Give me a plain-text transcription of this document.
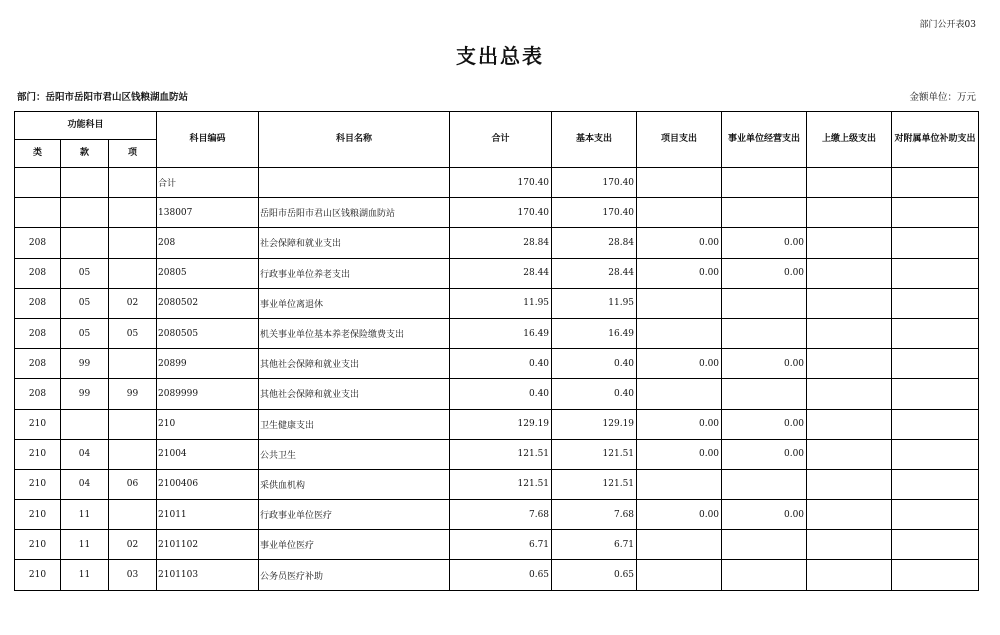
部门公开表03
支出总表
部门：岳阳市岳阳市君山区钱粮湖血防站	金额单位：万元
功能科目			科目编码	科目名称	合计	基本支出	项目支出	事业单位经营支出	上缴上级支出	对附属单位补助支出
类	款	项								
			合计		170.40	170.40				
			138007	岳阳市岳阳市君山区钱粮湖血防站	170.40	170.40				
208			208	社会保障和就业支出	28.84	28.84	0.00	0.00		
208	05		20805	行政事业单位养老支出	28.44	28.44	0.00	0.00		
208	05	02	2080502	事业单位离退休	11.95	11.95				
208	05	05	2080505	机关事业单位基本养老保险缴费支出	16.49	16.49				
208	99		20899	其他社会保障和就业支出	0.40	0.40	0.00	0.00		
208	99	99	2089999	其他社会保障和就业支出	0.40	0.40				
210			210	卫生健康支出	129.19	129.19	0.00	0.00		
210	04		21004	公共卫生	121.51	121.51	0.00	0.00		
210	04	06	2100406	采供血机构	121.51	121.51				
210	11		21011	行政事业单位医疗	7.68	7.68	0.00	0.00		
210	11	02	2101102	事业单位医疗	6.71	6.71				
210	11	03	2101103	公务员医疗补助	0.65	0.65				
